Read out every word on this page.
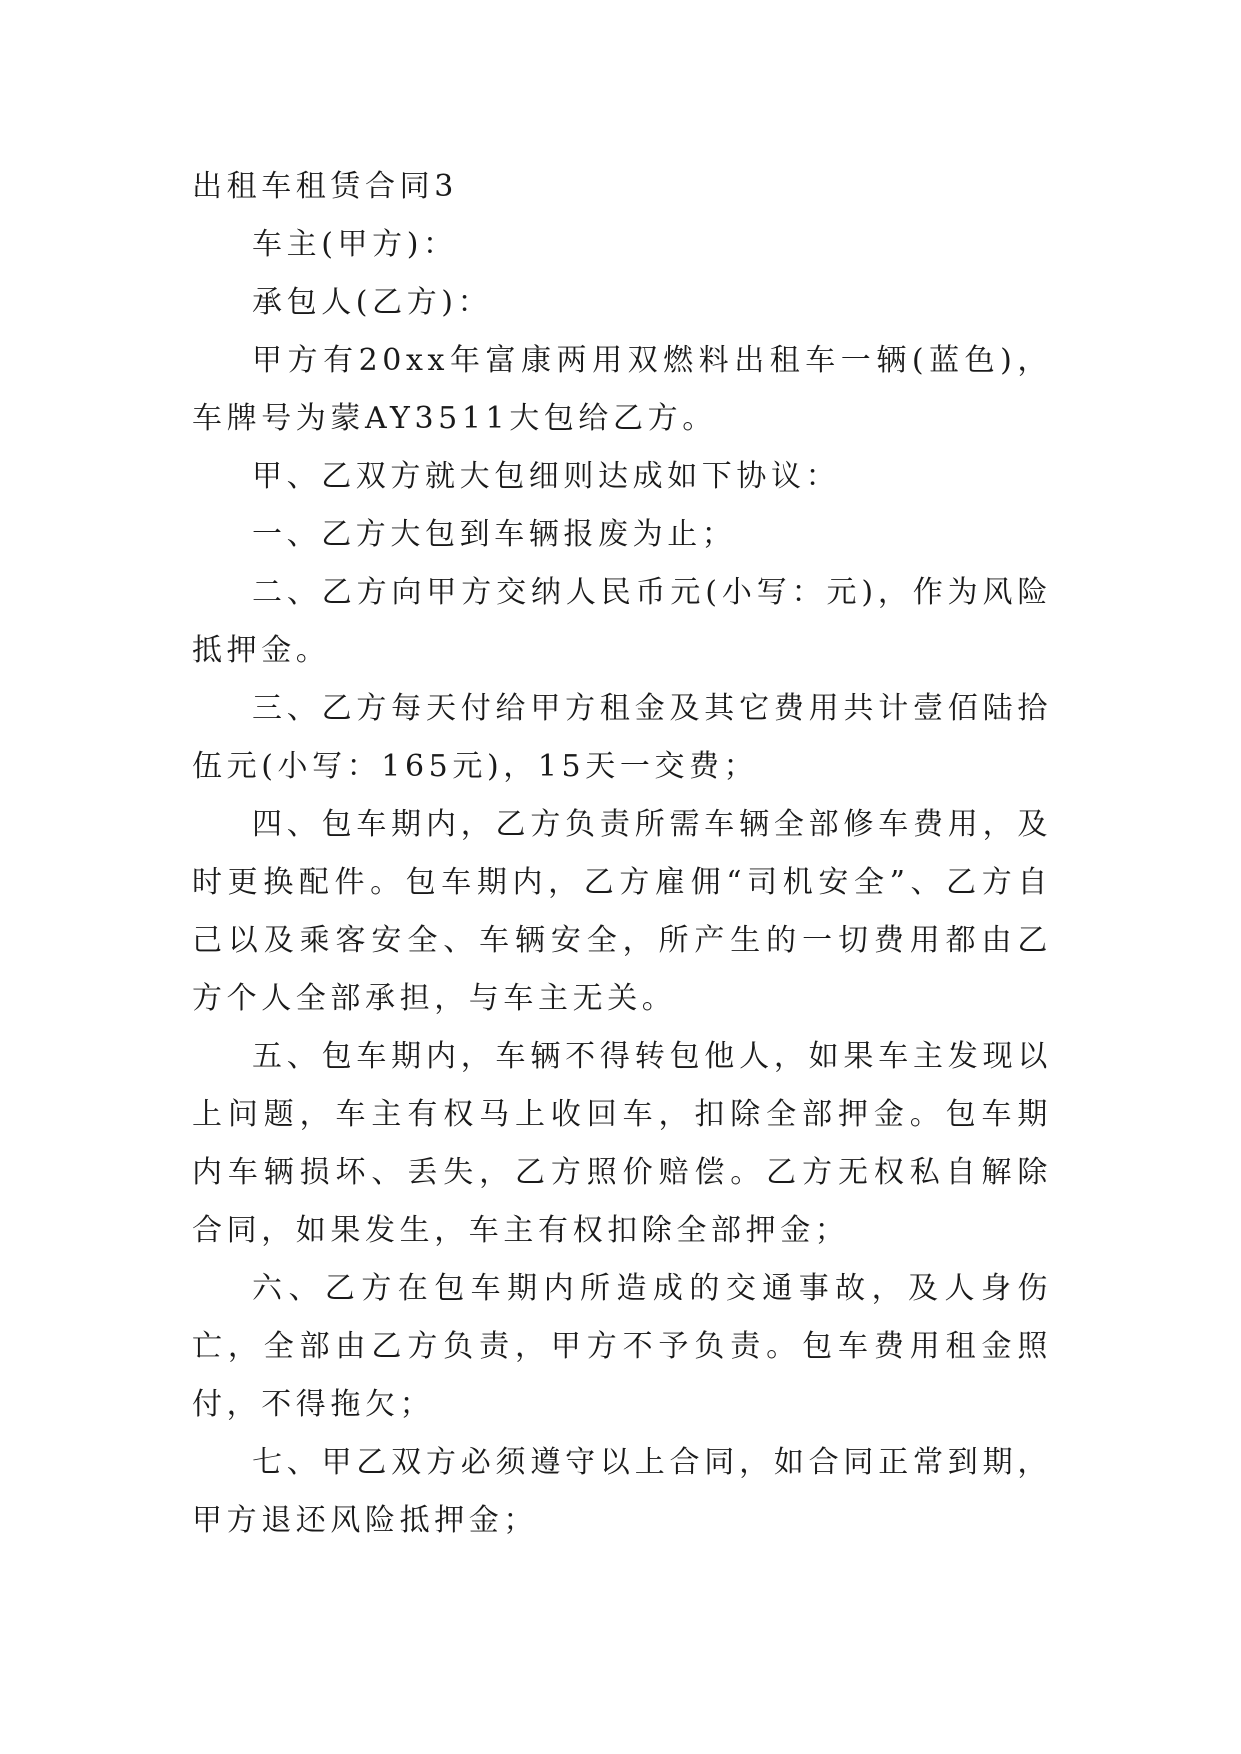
出租车租赁合同3

车主(甲方)：

承包人(乙方)：

甲方有20xx年富康两用双燃料出租车一辆(蓝色)，车牌号为蒙AY3511大包给乙方。

甲、乙双方就大包细则达成如下协议：

一、乙方大包到车辆报废为止；

二、乙方向甲方交纳人民币元(小写：元)，作为风险抵押金。

三、乙方每天付给甲方租金及其它费用共计壹佰陆拾伍元(小写：165元)，15天一交费；

四、包车期内，乙方负责所需车辆全部修车费用，及时更换配件。包车期内，乙方雇佣“司机安全”、乙方自己以及乘客安全、车辆安全，所产生的一切费用都由乙方个人全部承担，与车主无关。

五、包车期内，车辆不得转包他人，如果车主发现以上问题，车主有权马上收回车，扣除全部押金。包车期内车辆损坏、丢失，乙方照价赔偿。乙方无权私自解除合同，如果发生，车主有权扣除全部押金；

六、乙方在包车期内所造成的交通事故，及人身伤亡，全部由乙方负责，甲方不予负责。包车费用租金照付，不得拖欠；

七、甲乙双方必须遵守以上合同，如合同正常到期，甲方退还风险抵押金；
